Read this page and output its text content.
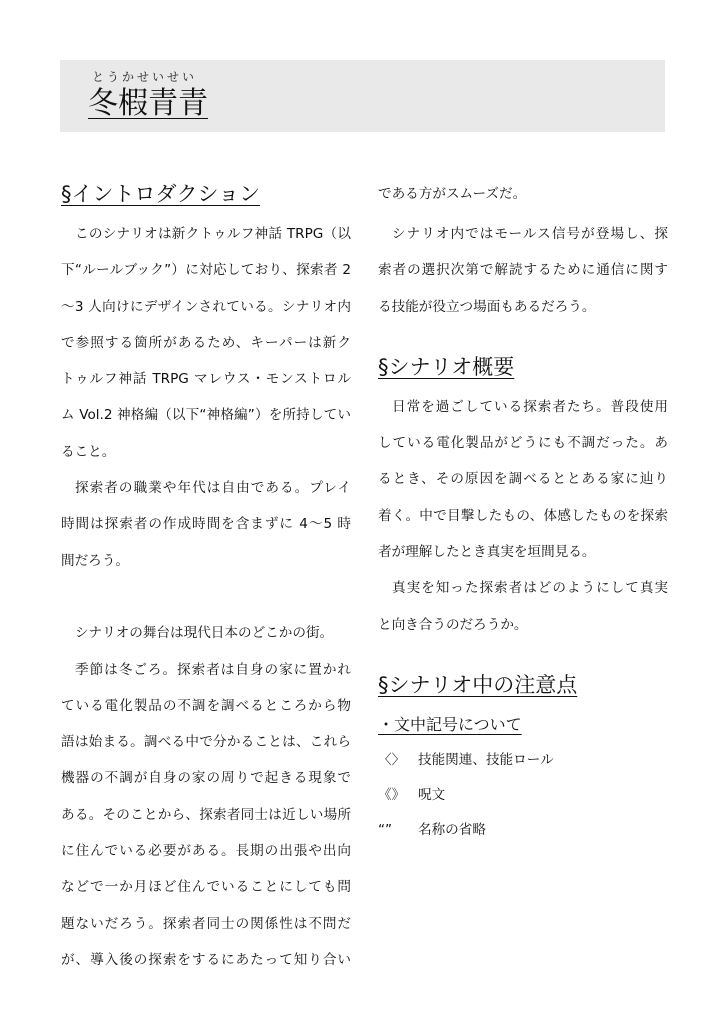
とうかせいせい
冬椵青青
§イントロダクション
このシナリオは新クトゥルフ神話 TRPG（以
下“ルールブック”）に対応しており、探索者 2
～3 人向けにデザインされている。シナリオ内
で参照する箇所があるため、キーパーは新ク
トゥルフ神話 TRPG マレウス・モンストロル
ム Vol.2 神格編（以下“神格編”）を所持してい
ること。
探索者の職業や年代は自由である。プレイ
時間は探索者の作成時間を含まずに 4～5 時
間だろう。
シナリオの舞台は現代日本のどこかの街。
季節は冬ごろ。探索者は自身の家に置かれ
ている電化製品の不調を調べるところから物
語は始まる。調べる中で分かることは、これら
機器の不調が自身の家の周りで起きる現象で
ある。そのことから、探索者同士は近しい場所
に住んでいる必要がある。長期の出張や出向
などで一か月ほど住んでいることにしても問
題ないだろう。探索者同士の関係性は不問だ
が、導入後の探索をするにあたって知り合い
である方がスムーズだ。
シナリオ内ではモールス信号が登場し、探
索者の選択次第で解読するために通信に関す
る技能が役立つ場面もあるだろう。
§シナリオ概要
日常を過ごしている探索者たち。普段使用
している電化製品がどうにも不調だった。あ
るとき、その原因を調べるととある家に辿り
着く。中で目撃したもの、体感したものを探索
者が理解したとき真実を垣間見る。
真実を知った探索者はどのようにして真実
と向き合うのだろうか。
§シナリオ中の注意点
・文中記号について
〈〉 技能関連、技能ロール
《》 呪文
“” 名称の省略
